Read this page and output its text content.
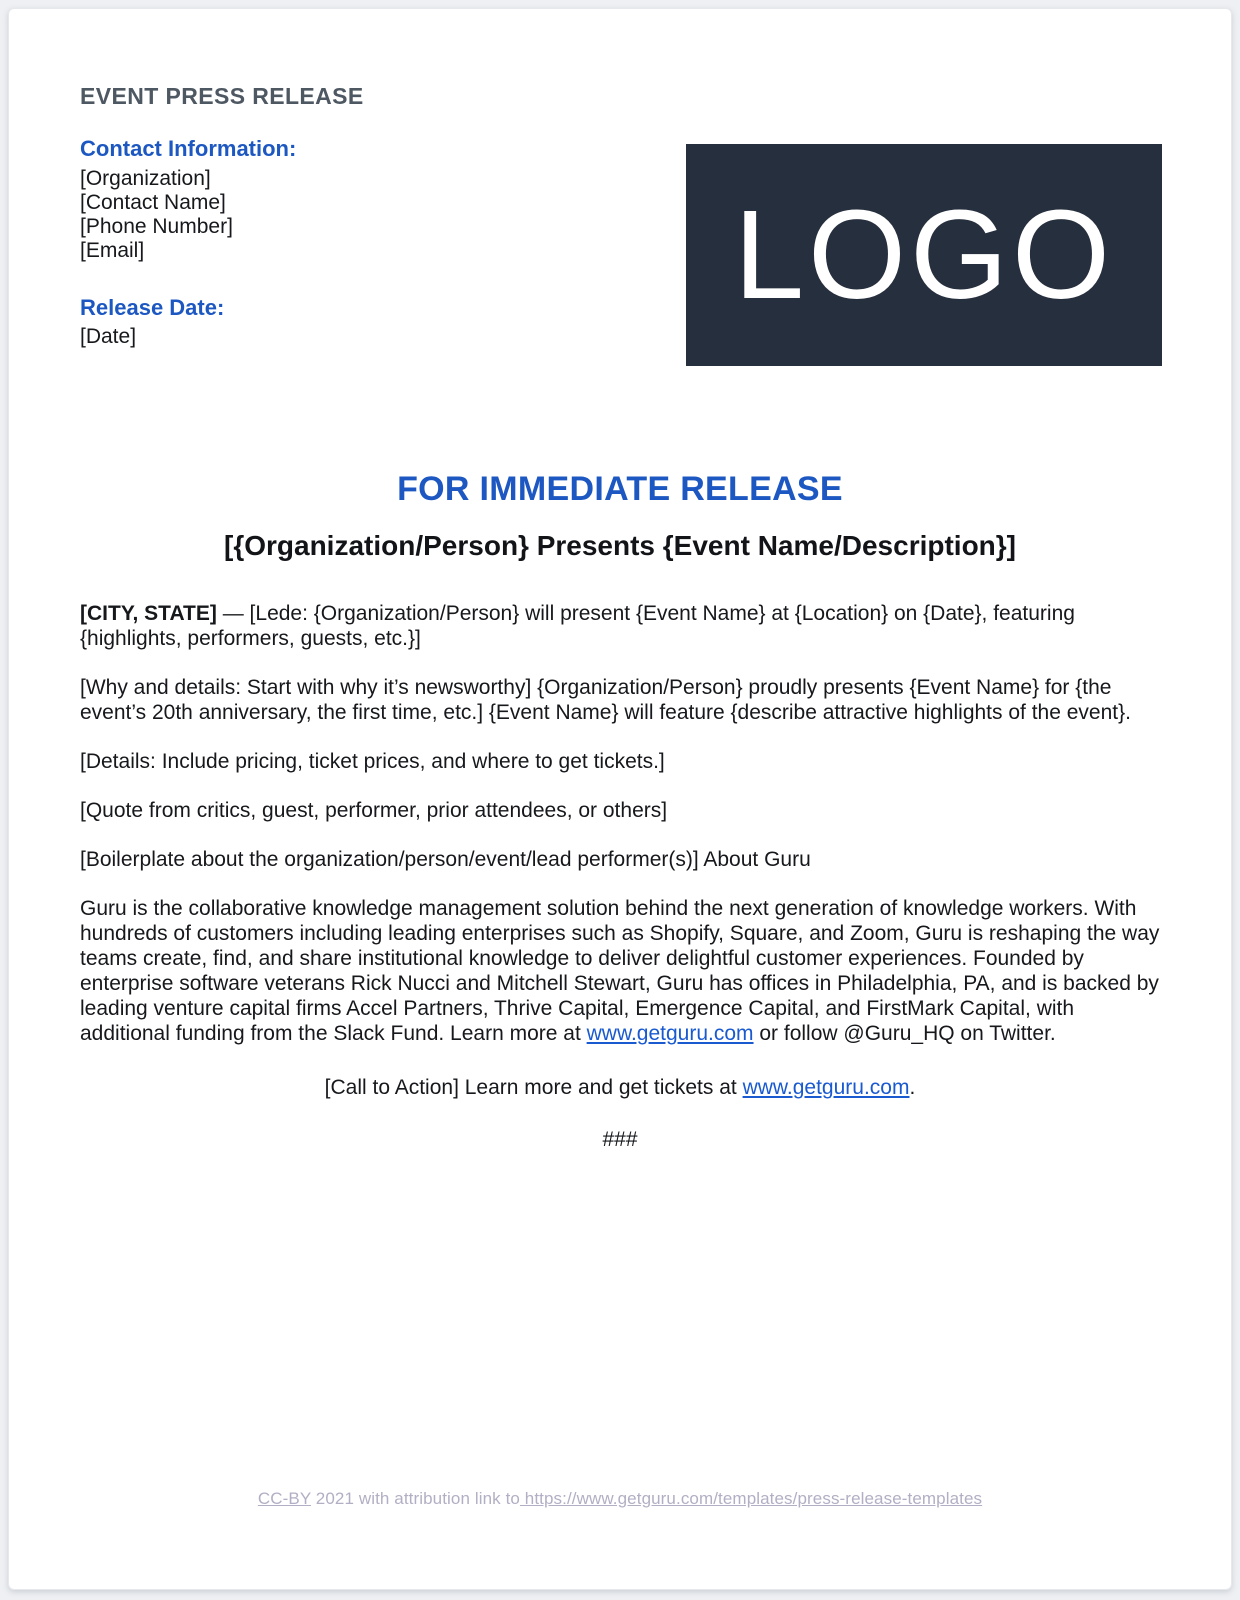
EVENT PRESS RELEASE
Contact Information:
[Organization]
[Contact Name]
[Phone Number]
[Email]
Release Date:
[Date]
LOGO
FOR IMMEDIATE RELEASE
[{Organization/Person} Presents {Event Name/Description}]

[CITY, STATE] — [Lede: {Organization/Person} will present {Event Name} at {Location} on {Date}, featuring {highlights, performers, guests, etc.}]

[Why and details: Start with why it’s newsworthy] {Organization/Person} proudly presents {Event Name} for {the event’s 20th anniversary, the first time, etc.] {Event Name} will feature {describe attractive highlights of the event}.

[Details: Include pricing, ticket prices, and where to get tickets.]

[Quote from critics, guest, performer, prior attendees, or others]

[Boilerplate about the organization/person/event/lead performer(s)] About Guru

Guru is the collaborative knowledge management solution behind the next generation of knowledge workers. With hundreds of customers including leading enterprises such as Shopify, Square, and Zoom, Guru is reshaping the way teams create, find, and share institutional knowledge to deliver delightful customer experiences. Founded by enterprise software veterans Rick Nucci and Mitchell Stewart, Guru has offices in Philadelphia, PA, and is backed by leading venture capital firms Accel Partners, Thrive Capital, Emergence Capital, and FirstMark Capital, with additional funding from the Slack Fund. Learn more at www.getguru.com or follow @Guru_HQ on Twitter.

[Call to Action] Learn more and get tickets at www.getguru.com.

###

CC-BY 2021 with attribution link to https://www.getguru.com/templates/press-release-templates
